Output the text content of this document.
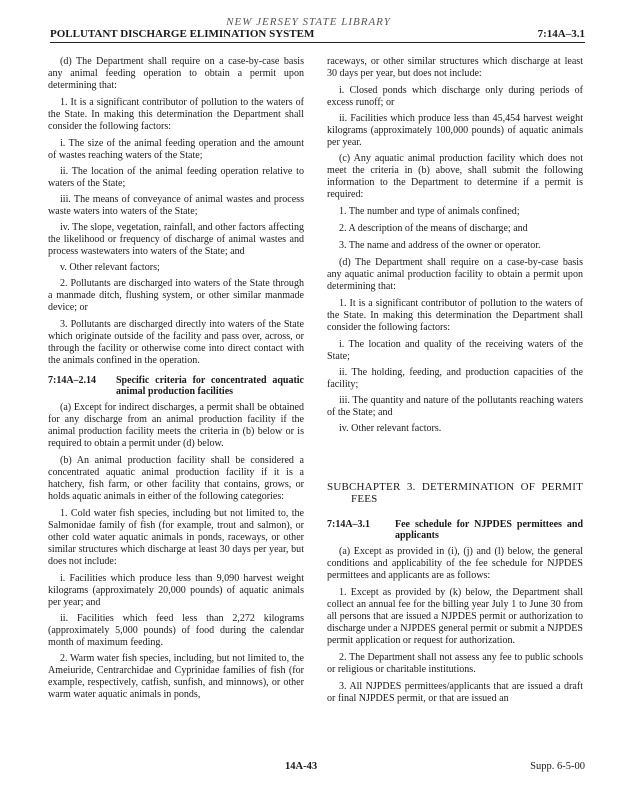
NEW JERSEY STATE LIBRARY
POLLUTANT DISCHARGE ELIMINATION SYSTEM	7:14A–3.1

(d) The Department shall require on a case-by-case basis any animal feeding operation to obtain a permit upon determining that:

1. It is a significant contributor of pollution to the waters of the State. In making this determination the Department shall consider the following factors:

i. The size of the animal feeding operation and the amount of wastes reaching waters of the State;

ii. The location of the animal feeding operation relative to waters of the State;

iii. The means of conveyance of animal wastes and process waste waters into waters of the State;

iv. The slope, vegetation, rainfall, and other factors affecting the likelihood or frequency of discharge of animal wastes and process wastewaters into waters of the State; and

v. Other relevant factors;

2. Pollutants are discharged into waters of the State through a manmade ditch, flushing system, or other similar manmade device; or

3. Pollutants are discharged directly into waters of the State which originate outside of the facility and pass over, across, or through the facility or otherwise come into direct contact with the animals confined in the operation.

7:14A–2.14 Specific criteria for concentrated aquatic animal production facilities

(a) Except for indirect discharges, a permit shall be obtained for any discharge from an animal production facility if the animal production facility meets the criteria in (b) below or is required to obtain a permit under (d) below.

(b) An animal production facility shall be considered a concentrated aquatic animal production facility if it is a hatchery, fish farm, or other facility that contains, grows, or holds aquatic animals in either of the following categories:

1. Cold water fish species, including but not limited to, the Salmonidae family of fish (for example, trout and salmon), or other cold water aquatic animals in ponds, raceways, or other similar structures which discharge at least 30 days per year, but does not include:

i. Facilities which produce less than 9,090 harvest weight kilograms (approximately 20,000 pounds) of aquatic animals per year; and

ii. Facilities which feed less than 2,272 kilograms (approximately 5,000 pounds) of food during the calendar month of maximum feeding.

2. Warm water fish species, including, but not limited to, the Ameiuride, Centrarchidae and Cyprinidae families of fish (for example, respectively, catfish, sunfish, and minnows), or other warm water aquatic animals in ponds,

raceways, or other similar structures which discharge at least 30 days per year, but does not include:

i. Closed ponds which discharge only during periods of excess runoff; or

ii. Facilities which produce less than 45,454 harvest weight kilograms (approximately 100,000 pounds) of aquatic animals per year.

(c) Any aquatic animal production facility which does not meet the criteria in (b) above, shall submit the following information to the Department to determine if a permit is required:

1. The number and type of animals confined;

2. A description of the means of discharge; and

3. The name and address of the owner or operator.

(d) The Department shall require on a case-by-case basis any aquatic animal production facility to obtain a permit upon determining that:

1. It is a significant contributor of pollution to the waters of the State. In making this determination the Department shall consider the following factors:

i. The location and quality of the receiving waters of the State;

ii. The holding, feeding, and production capacities of the facility;

iii. The quantity and nature of the pollutants reaching waters of the State; and

iv. Other relevant factors.

SUBCHAPTER 3. DETERMINATION OF PERMIT FEES
7:14A–3.1 Fee schedule for NJPDES permittees and applicants

(a) Except as provided in (i), (j) and (l) below, the general conditions and applicability of the fee schedule for NJPDES permittees and applicants are as follows:

1. Except as provided by (k) below, the Department shall collect an annual fee for the billing year July 1 to June 30 from all persons that are issued a NJPDES permit or authorization to discharge under a NJPDES general permit or submit a NJPDES permit application or request for authorization.

2. The Department shall not assess any fee to public schools or religious or charitable institutions.

3. All NJPDES permittees/applicants that are issued a draft or final NJPDES permit, or that are issued an

14A-43	Supp. 6-5-00
